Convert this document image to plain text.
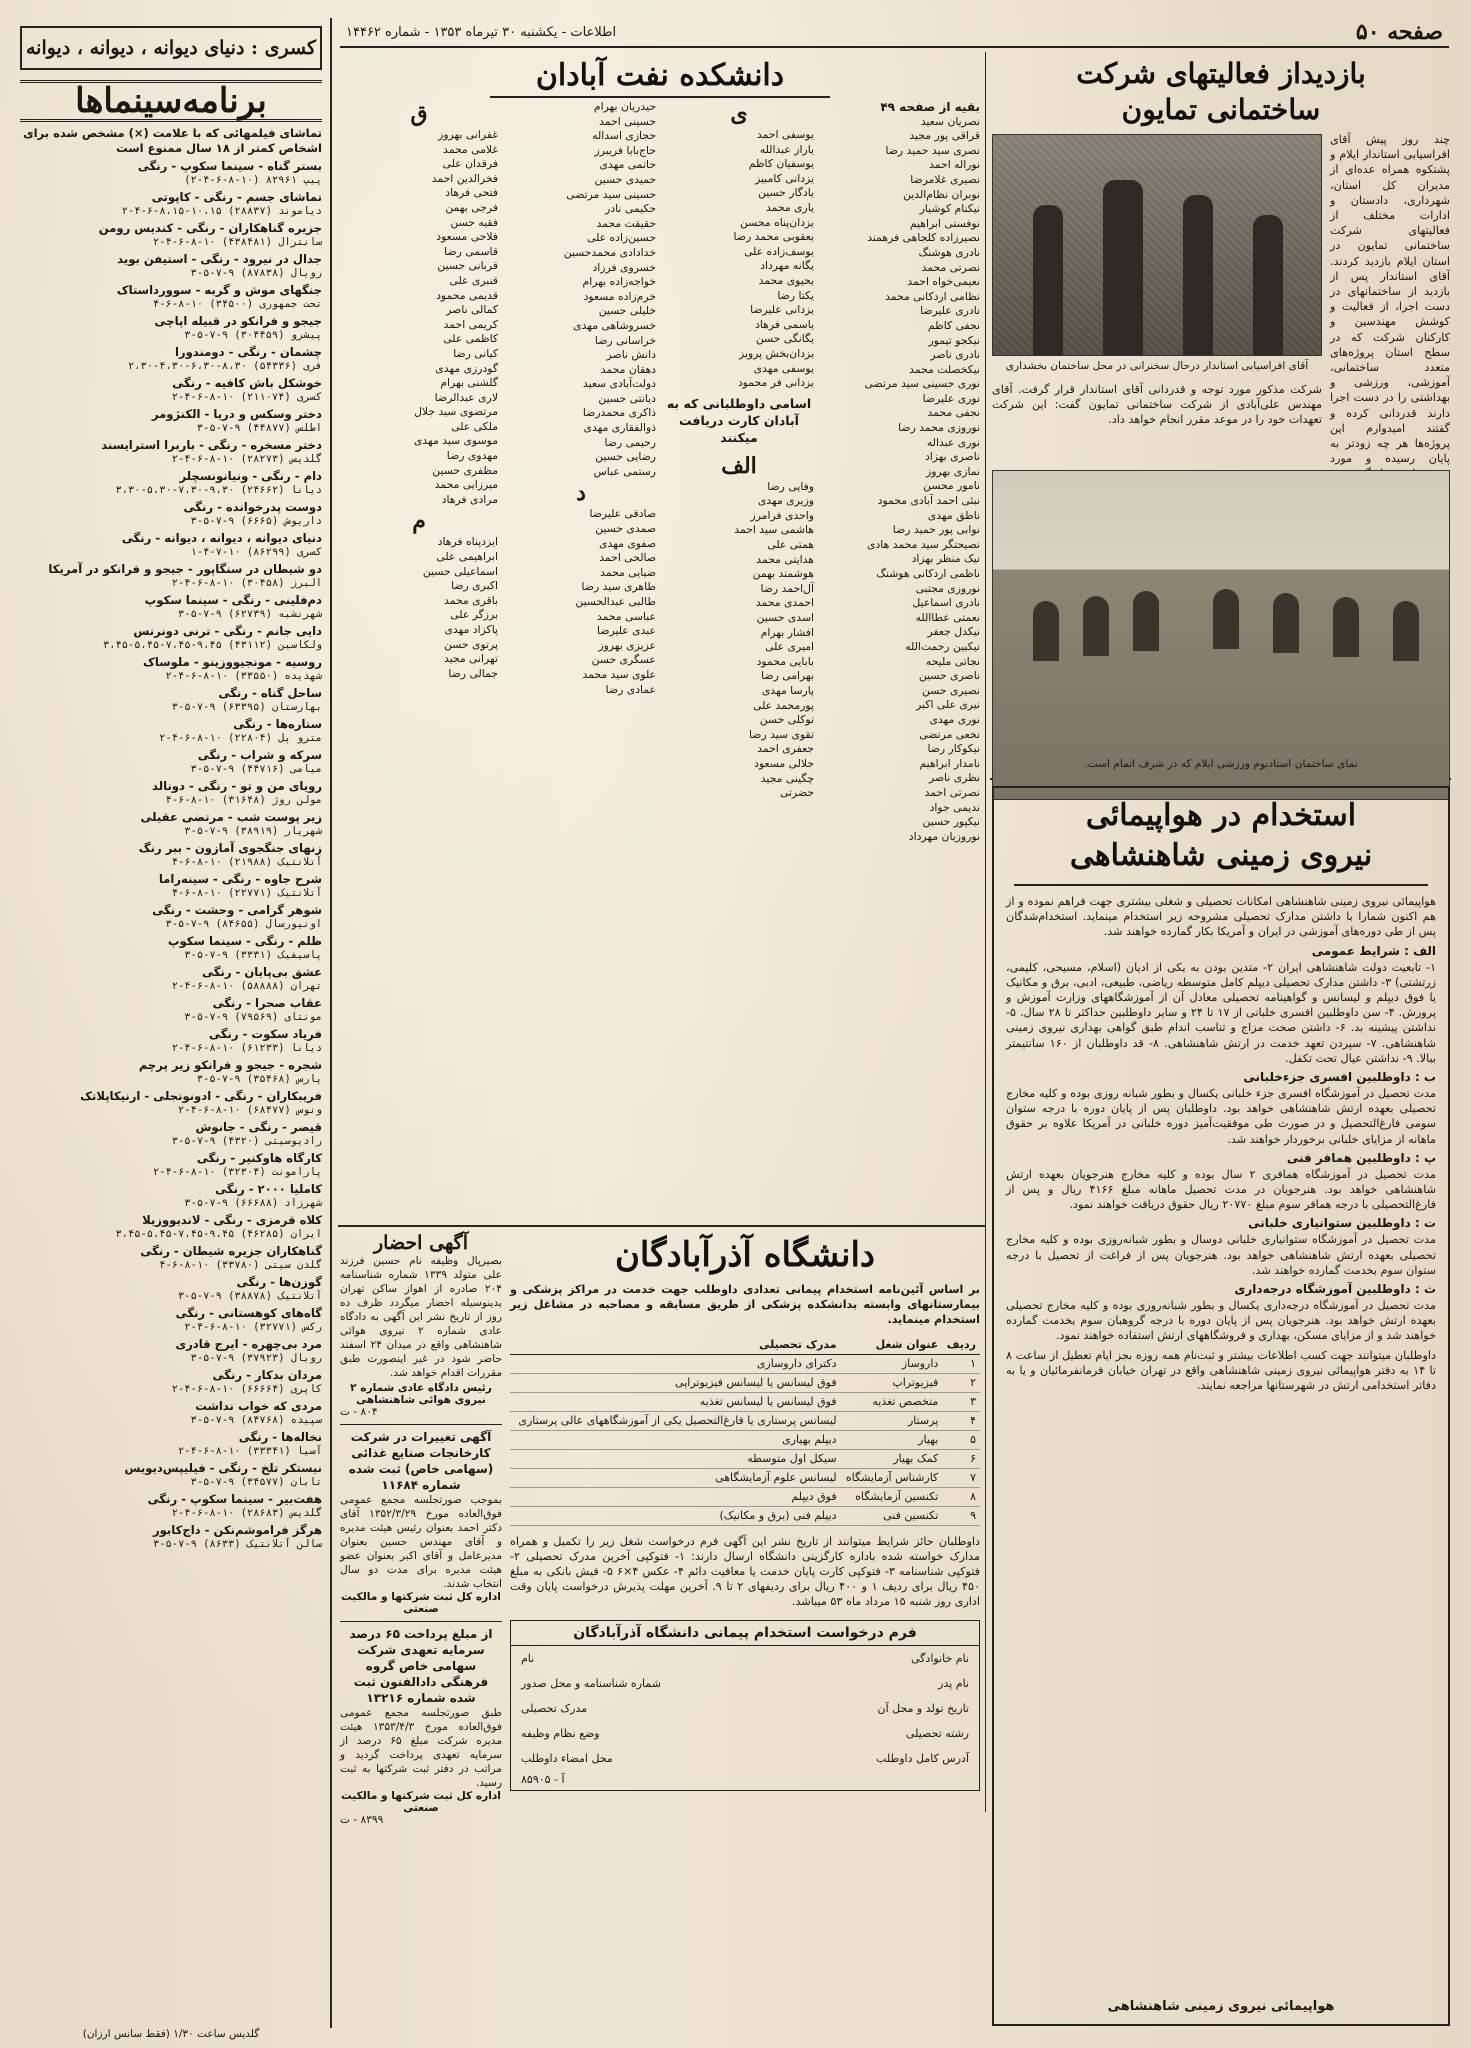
صفحه ۵۰
اطلاعات - یکشنبه ۳۰ تیرماه ۱۳۵۳ - شماره ۱۴۴۶۲
بازدیداز فعالیتهای شرکت
ساختمانی تمایون
چند روز پیش آقای افراسیابی استاندار ایلام و پشتکوه همراه عده‌ای از مدیران کل استان، شهرداری، دادستان و ادارات مختلف از فعالیتهای شرکت ساختمانی تمایون در استان ایلام بازدید کردند. آقای استاندار پس از بازدید از ساختمانهای در دست اجرا، از فعالیت و کوشش مهندسین و کارکنان شرکت که در سطح استان پروژه‌های متعدد ساختمانی، آموزشی، ورزشی و بهداشتی را در دست اجرا دارند قدردانی کرده و گفتند امیدوارم این پروژه‌ها هر چه زودتر به پایان رسیده و مورد
آقای افراسیابی استاندار درحال سخنرانی در محل ساختمان بخشداری
شرکت مذکور مورد توجه و قدردانی آقای استاندار قرار گرفت. آقای مهندس علی‌آبادی از شرکت ساختمانی تمایون گفت: این شرکت تعهدات خود را در موعد مقرر انجام خواهد داد.
نمای ساختمان استادیوم ورزشی ایلام که در شرف اتمام است.
استخدام در هواپیمائی
نیروی زمینی شاهنشاهی
هواپیمائی نیروی زمینی شاهنشاهی امکانات تحصیلی و شغلی بیشتری جهت فراهم نموده و از هم اکنون شمارا با داشتن مدارک تحصیلی مشروحه زیر استخدام مینماید. استخدام‌شدگان پس از طی دوره‌های آموزشی در ایران و آمریکا بکار گمارده خواهند شد.
الف : شرایط عمومی
۱- تابعیت دولت شاهنشاهی ایران ۲- متدین بودن به یکی از ادیان (اسلام، مسیحی، کلیمی، زرتشتی) ۳- داشتن مدارک تحصیلی دیپلم کامل متوسطه ریاضی، طبیعی، ادبی، برق و مکانیک یا فوق دیپلم و لیسانس و گواهینامه تحصیلی معادل آن از آموزشگاههای وزارت آموزش و پرورش. ۴- سن داوطلبین افسری خلبانی از ۱۷ تا ۲۴ و سایر داوطلبین حداکثر تا ۲۸ سال. ۵- نداشتن پیشینه بد. ۶- داشتن صحت مزاج و تناسب اندام طبق گواهی بهداری نیروی زمینی شاهنشاهی. ۷- سپردن تعهد خدمت در ارتش شاهنشاهی. ۸- قد داوطلبان از ۱۶۰ سانتیمتر ببالا. ۹- نداشتن عیال تحت تکفل.
ب : داوطلبین افسری جزءخلبانی
مدت تحصیل در آموزشگاه افسری جزء خلبانی یکسال و بطور شبانه روزی بوده و کلیه مخارج تحصیلی بعهده ارتش شاهنشاهی خواهد بود. داوطلبان پس از پایان دوره با درجه ستوان سومی فارغ‌التحصیل و در صورت طی موفقیت‌آمیز دوره خلبانی در آمریکا علاوه بر حقوق ماهانه از مزایای خلبانی برخوردار خواهند شد.
پ : داوطلبین همافر فنی
مدت تحصیل در آموزشگاه همافری ۲ سال بوده و کلیه مخارج هنرجویان بعهده ارتش شاهنشاهی خواهد بود. هنرجویان در مدت تحصیل ماهانه مبلغ ۴۱۶۶ ریال و پس از فارغ‌التحصیلی با درجه همافر سوم مبلغ ۲۰۷۷۰ ریال حقوق دریافت خواهند نمود.
ت : داوطلبین ستوانیاری خلبانی
مدت تحصیل در آموزشگاه ستوانیاری خلبانی دوسال و بطور شبانه‌روزی بوده و کلیه مخارج تحصیلی بعهده ارتش شاهنشاهی خواهد بود. هنرجویان پس از فراغت از تحصیل با درجه ستوان سوم بخدمت گمارده خواهند شد.
ث : داوطلبین آموزشگاه درجه‌داری
مدت تحصیل در آموزشگاه درجه‌داری یکسال و بطور شبانه‌روزی بوده و کلیه مخارج تحصیلی بعهده ارتش خواهد بود. هنرجویان پس از پایان دوره با درجه گروهبان سوم بخدمت گمارده خواهند شد و از مزایای مسکن، بهداری و فروشگاههای ارتش استفاده خواهند نمود.
داوطلبان میتوانند جهت کسب اطلاعات بیشتر و ثبت‌نام همه روزه بجز ایام تعطیل از ساعت ۸ تا ۱۴ به دفتر هواپیمائی نیروی زمینی شاهنشاهی واقع در تهران خیابان فرمانفرمائیان و یا به دفاتر استخدامی ارتش در شهرستانها مراجعه نمایند.
هواپیمائی نیروی زمینی شاهنشاهی
دانشکده نفت آبادان
بقیه از صفحه ۴۹
نصریان سعید
قراقی پور مجید
نصری سید حمید رضا
نوراله احمد
نصیری غلامرضا
نوبران نظام‌الدین
نیکنام کوشیار
نوفستی ابراهیم
نصیرزاده کلجاهی فرهمند
نادری هوشنگ
نصرتی محمد
نعیمی‌خواه احمد
نظامی اردکانی محمد
نادری علیرضا
نجفی کاظم
نیکجو تیمور
نادری ناصر
نیکخصلت محمد
نوری حسینی سید مرتضی
نوری علیرضا
نجفی محمد
نوروزی محمد رضا
نوری عبداله
ناصری بهزاد
نمازی بهروز
نامور محسن
نبئی احمد آبادی محمود
ناطق مهدی
نوابی پور حمید رضا
نصیحتگر سید محمد هادی
نیک منظر بهزاد
ناظمی اردکانی هوشنگ
نوروزی مجتبی
نادری اسماعیل
نعمتی عطاالله
نیکدل جعفر
نیکبین رحمت‌الله
نجاتی ملیحه
ناصری حسین
نصیری حسن
نیری علی اکبر
نوری مهدی
نخعی مرتضی
نیکوکار رضا
نامدار ابراهیم
نظری ناصر
نصرتی احمد
ندیمی جواد
نیکپور حسین
نوروزیان مهرداد
ی
یوسفی احمد
یاراز عبدالله
یوسفیان کاظم
یزدانی کامبیز
یادگار حسین
یاری محمد
یزدان‌پناه محسن
یعقوبی محمد رضا
یوسف‌زاده علی
یگانه مهرداد
یحیوی محمد
یکتا رضا
یزدانی علیرضا
یاسمی فرهاد
یگانگی حسن
یزدان‌بخش پرویز
یوسفی مهدی
یزدانی فر محمود
اسامی داوطلبانی که به آبادان کارت دریافت میکنند
الف
وفایی رضا
وزیری مهدی
واحدی فرامرز
هاشمی سید احمد
همتی علی
هدایتی محمد
هوشمند بهمن
آل‌احمد رضا
احمدی محمد
اسدی حسین
افشار بهرام
امیری علی
بابایی محمود
بهرامی رضا
پارسا مهدی
پورمحمد علی
توکلی حسن
تقوی سید رضا
جعفری احمد
جلالی مسعود
چگینی مجید
حضرتی
حیدریان بهرام
حسینی احمد
حجازی اسداله
حاج‌بابا فریبرز
حاتمی مهدی
حمیدی حسین
حسینی سید مرتضی
حکیمی نادر
حقیقت محمد
حسین‌زاده علی
خدادادی محمدحسین
خسروی فرزاد
خواجه‌زاده بهرام
خرم‌زاده مسعود
خلیلی حسین
خسروشاهی مهدی
خراسانی رضا
دانش ناصر
دهقان محمد
دولت‌آبادی سعید
دیانتی حسین
ذاکری محمدرضا
ذوالفقاری مهدی
رحیمی رضا
رضایی حسین
رستمی عباس
د
صادقی علیرضا
صمدی حسین
صفوی مهدی
صالحی احمد
ضیایی محمد
طاهری سید رضا
طالبی عبدالحسین
عباسی محمد
عبدی علیرضا
عزیزی بهروز
عسگری حسن
علوی سید محمد
عمادی رضا
ق
غفرانی بهروز
غلامی محمد
فرقدان علی
فخرالدین احمد
فتحی فرهاد
فرجی بهمن
فقیه حسن
فلاحی مسعود
قاسمی رضا
قربانی حسین
قنبری علی
قدیمی محمود
کمالی ناصر
کریمی احمد
کاظمی علی
کیانی رضا
گودرزی مهدی
گلشنی بهرام
لاری عبدالرضا
مرتضوی سید جلال
ملکی علی
موسوی سید مهدی
مهدوی رضا
مظفری حسین
میرزایی محمد
مرادی فرهاد
م
ایزدپناه فرهاد
ابراهیمی علی
اسماعیلی حسین
اکبری رضا
باقری محمد
برزگر علی
پاکزاد مهدی
پرتوی حسن
تهرانی مجید
جمالی رضا
دانشگاه آذرآبادگان
بر اساس آئین‌نامه استخدام پیمانی تعدادی داوطلب جهت خدمت در مراکز پزشکی و بیمارستانهای وابسته بدانشکده پزشکی از طریق مسابقه و مصاحبه در مشاغل زیر استخدام مینماید.
ردیف	عنوان شغل	مدرک تحصیلی
۱	داروساز	دکترای داروسازی
۲	فیزیوتراپ	فوق لیسانس یا لیسانس فیزیوتراپی
۳	متخصص تغذیه	فوق لیسانس یا لیسانس تغذیه
۴	پرستار	لیسانس پرستاری یا فارغ‌التحصیل یکی از آموزشگاههای عالی پرستاری
۵	بهیار	دیپلم بهیاری
۶	کمک بهیار	سیکل اول متوسطه
۷	کارشناس آزمایشگاه	لیسانس علوم آزمایشگاهی
۸	تکنسین آزمایشگاه	فوق دیپلم
۹	تکنسین فنی	دیپلم فنی (برق و مکانیک)
داوطلبان حائز شرایط میتوانند از تاریخ نشر این آگهی فرم درخواست شغل زیر را تکمیل و همراه مدارک خواسته شده باداره کارگزینی دانشگاه ارسال دارند: ۱- فتوکپی آخرین مدرک تحصیلی ۲- فتوکپی شناسنامه ۳- فتوکپی کارت پایان خدمت یا معافیت دائم ۴- عکس ۴×۶ ۵- فیش بانکی به مبلغ ۴۵۰ ریال برای ردیف ۱ و ۴۰۰ ریال برای ردیفهای ۲ تا ۹. آخرین مهلت پذیرش درخواست پایان وقت اداری روز شنبه ۱۵ مرداد ماه ۵۳ میباشد.
فرم درخواست استخدام پیمانی دانشگاه آذرآبادگان
نام خانوادگی
نام
نام پدر
شماره شناسنامه و محل صدور
تاریخ تولد و محل آن
مدرک تحصیلی
رشته تحصیلی
وضع نظام وظیفه
آدرس کامل داوطلب
محل امضاء داوطلب
آ - ۸۵۹۰۵
آگهی احضار
بصیرپال وظیفه نام حسین فرزند علی متولد ۱۳۳۹ شماره شناسنامه ۲۰۴ صادره از اهواز ساکن تهران بدینوسیله احضار میگردد ظرف ده روز از تاریخ نشر این آگهی به دادگاه عادی شماره ۲ نیروی هوائی شاهنشاهی واقع در میدان ۲۴ اسفند حاضر شود در غیر اینصورت طبق مقررات اقدام خواهد شد.
رئیس دادگاه عادی شماره ۲ نیروی هوائی شاهنشاهی
۸۰۴ - ت
آگهی تغییرات در شرکت کارخانجات صنایع غذائی (سهامی خاص) ثبت شده شماره ۱۱۶۸۴
بموجب صورتجلسه مجمع عمومی فوق‌العاده مورخ ۱۳۵۲/۳/۲۹ آقای دکتر احمد بعنوان رئیس هیئت مدیره و آقای مهندس حسین بعنوان مدیرعامل و آقای اکبر بعنوان عضو هیئت مدیره برای مدت دو سال انتخاب شدند.
اداره کل ثبت شرکتها و مالکیت صنعتی
از مبلغ پرداخت ۶۵ درصد سرمایه تعهدی شرکت سهامی خاص گروه فرهنگی دادالفنون ثبت شده شماره ۱۳۲۱۶
طبق صورتجلسه مجمع عمومی فوق‌العاده مورخ ۱۳۵۳/۴/۳ هیئت مدیره شرکت مبلغ ۶۵ درصد از سرمایه تعهدی پرداخت گردید و مراتب در دفتر ثبت شرکتها به ثبت رسید.
اداره کل ثبت شرکتها و مالکیت صنعتی
۸۳۹۹ - ت
کسری : دنیای دیوانه ، دیوانه ، دیوانه
برنامه‌سینماها
تماشای فیلمهائی که با علامت (×) مشخص شده برای اشخاص کمتر از ۱۸ سال ممنوع است
بستر گناه - سینما سکوپ - رنگی
پیپ ۸۲۹۶۱ (۱۰-۸-۶-۴-۲)
تماشای جسم - رنگی - کاپوتی
دیاموند (۲۸۸۳۷) ۱۰،۱۵-۸،۱۵-۶-۴-۲
جزیره گناهکاران - رنگی - کندیس رومن
سانترال (۴۳۸۴۸۱) ۱۰-۸-۶-۴-۲
جدال در نیرود - رنگی - استیفن بوید
رویال (۸۷۸۳۸) ۹-۷-۵-۳
جنگهای موش و گربه - سوورداستاک
تحت جمهوری (۳۴۵۰۰) ۱۰-۸-۶-۴
جیجو و فرانکو در قبیله اپاچی
پیشرو (۳۰۴۴۵۹) ۹-۷-۵-۳
چشمان - رنگی - دومندورا
فری (۵۴۳۳۶) ۸،۳۰-۶،۳۰-۴،۳۰-۲،۳۰
خوشکل باش کافیه - رنگی
کسری (۲۱۱۰۷۴) ۱۰-۸-۶-۴-۲
دختر وسکس و دریا - الکنژومر
اطلس (۴۴۸۷۷) ۹-۷-۵-۳
دختر مسخره - رنگی - باربرا استرایسند
گلدیس (۲۸۲۷۳) ۱۰-۸-۶-۴-۲
دام - رنگی - ونیانونسچلر
دیانا (۲۴۶۶۲) ۹،۳۰-۷،۳۰-۵،۳۰-۳،۳۰
دوست پدرخوانده - رنگی
داریوش (۶۶۶۵) ۹-۷-۵-۳
دنیای دیوانه ، دیوانه ، دیوانه - رنگی
کسری (۸۶۲۹۹) ۱۰-۷-۴-۱
دو شیطان در سنگاپور - جیجو و فرانکو در آمریکا
البرز (۳۰۴۵۸) ۱۰-۸-۶-۴-۲
دم‌فلینی - رنگی - سینما سکوپ
شهرنشبه (۶۲۷۳۹) ۹-۷-۵-۳
دایی جانم - رنگی - ترنی دونرنس
ولکاسین (۴۳۱۱۲) ۹،۴۵-۷،۴۵-۵،۴۵-۳،۴۵
روسیه - مونجیووزینو - ملوساک
شهدیده (۳۳۵۵۰) ۱۰-۸-۶-۴-۲
ساحل گناه - رنگی
بهارستان (۶۳۳۹۵) ۹-۷-۵-۳
ستاره‌ها - رنگی
مترو پل (۲۲۸۰۴) ۱۰-۸-۶-۴-۲
سرکه و شراب - رنگی
میامی (۴۴۷۱۶) ۹-۷-۵-۳
رویای من و تو - رنگی - دونالد
مولن روژ (۳۱۶۴۸) ۱۰-۸-۶-۴
زیر پوست شب - مرتضی عقیلی
شهریار (۳۸۹۱۹) ۹-۷-۵-۳
زنهای جنگجوی آمازون - ببر رنگ
آتلانتیک (۲۱۹۸۸) ۱۰-۸-۶-۴
شرح جاوه - رنگی - سینه‌راما
آتلانتیک (۲۲۷۷۱) ۱۰-۸-۶-۴
شوهر گرامی - وحشت - رنگی
اونیورسال (۸۴۶۵۵) ۹-۷-۵-۳
ظلم - رنگی - سینما سکوپ
پاسیفیک (۳۳۳۱) ۹-۷-۵-۳
عشق بی‌پایان - رنگی
تهران (۵۸۸۸۸) ۱۰-۸-۶-۴-۲
عقاب صحرا - رنگی
مونتای (۷۹۵۶۹) ۹-۷-۵-۳
فریاد سکوت - رنگی
دیانا (۶۱۲۳۳) ۱۰-۸-۶-۴-۲
شجره - جیجو و فرانکو زیر پرچم
پارس (۳۵۴۶۸) ۹-۷-۵-۳
فریبکاران - رنگی - ادونوتجلی - ارنیکاپلاتک
ونوس (۶۸۴۷۷) ۱۰-۸-۶-۴-۲
قیصر - رنگی - جانوش
رادیوسیتی (۴۳۲۰) ۹-۷-۵-۳
کارگاه هاوکنیر - رنگی
پارامونت (۳۲۳۰۴) ۱۰-۸-۶-۴-۲
کاملیا ۲۰۰۰ - رنگی
شهرزاد (۶۶۶۸۸) ۹-۷-۵-۳
کلاه قرمزی - رنگی - لاندیووزیلا
ایران (۴۶۲۸۵) ۹،۴۵-۷،۴۵-۵،۴۵-۳،۴۵
گناهکاران جزیره شیطان - رنگی
گلدن سیتی (۳۳۷۸۰) ۱۰-۸-۶-۴
گوزن‌ها - رنگی
آتلانتیک (۳۸۸۷۸) ۹-۷-۵-۳
گاه‌های کوهستانی - رنگی
رکس (۳۲۷۷۱) ۱۰-۸-۶-۴-۲
مرد بی‌چهره - ایرج قادری
رویال (۳۷۹۲۳) ۹-۷-۵-۳
مردان بدکار - رنگی
کاپری (۶۶۶۶۴) ۱۰-۸-۶-۴-۲
مردی که خواب نداشت
سپیده (۸۴۷۶۸) ۹-۷-۵-۳
نخاله‌ها - رنگی
آسیا (۳۳۳۴۱) ۱۰-۸-۶-۴-۲
نیستکر تلخ - رنگی - فیلیپس‌دیویس
تابان (۳۴۵۷۷) ۹-۷-۵-۳
هفت‌بیر - سینما سکوپ - رنگی
گلدیس (۲۸۶۸۳) ۱۰-۸-۶-۴-۲
هرگز فراموشم‌نکن - داج‌کابور
سالن آتلانتیک (۸۶۳۳) ۹-۷-۵-۳
گلدیس ساعت ۱/۳۰ (فقط سانس ارزان)
